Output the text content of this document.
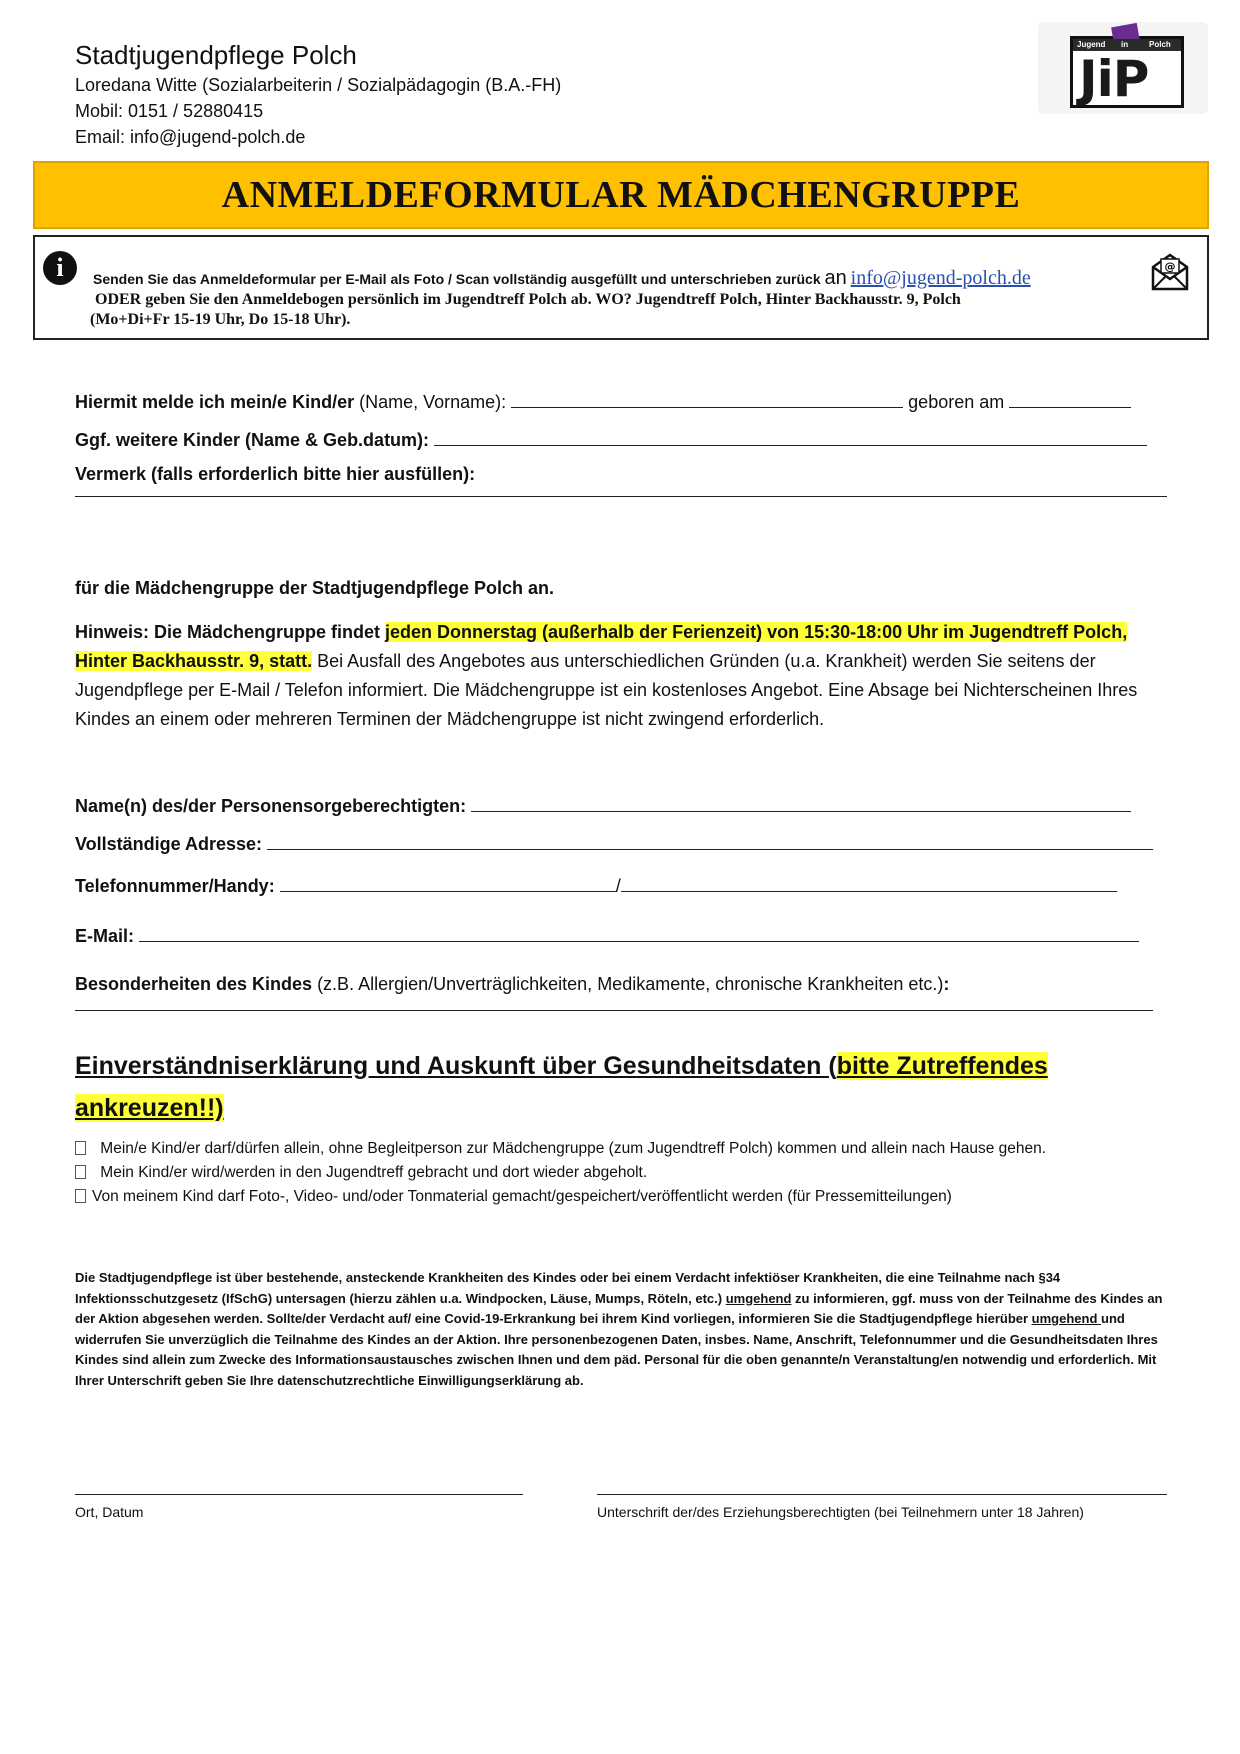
Stadtjugendpflege Polch
Loredana Witte (Sozialarbeiterin / Sozialpädagogin (B.A.-FH)
Mobil: 0151 / 52880415
Email: info@jugend-polch.de
Jugend in	Polch
JiP
ANMELDEFORMULAR MÄDCHENGRUPPE
i	Senden Sie das Anmeldeformular per E-Mail als Foto / Scan vollständig ausgefüllt und unterschrieben zurück an info@jugend-polch.de
ODER geben Sie den Anmeldebogen persönlich im Jugendtreff Polch ab. WO? Jugendtreff Polch, Hinter Backhausstr. 9, Polch
(Mo+Di+Fr 15-19 Uhr, Do 15-18 Uhr).
@
Hiermit melde ich mein/e Kind/er (Name, Vorname):	geboren am
Ggf. weitere Kinder (Name & Geb.datum):
Vermerk (falls erforderlich bitte hier ausfüllen):
für die Mädchengruppe der Stadtjugendpflege Polch an.
Hinweis: Die Mädchengruppe findet jeden Donnerstag (außerhalb der Ferienzeit) von 15:30-18:00 Uhr im Jugendtreff Polch, Hinter Backhausstr. 9, statt. Bei Ausfall des Angebotes aus unterschiedlichen Gründen (u.a. Krankheit) werden Sie seitens der Jugendpflege per E-Mail / Telefon informiert. Die Mädchengruppe ist ein kostenloses Angebot. Eine Absage bei Nichterscheinen Ihres Kindes an einem oder mehreren Terminen der Mädchengruppe ist nicht zwingend erforderlich.
Name(n) des/der Personensorgeberechtigten:
Vollständige Adresse:
Telefonnummer/Handy:	/
E-Mail:
Besonderheiten des Kindes (z.B. Allergien/Unverträglichkeiten, Medikamente, chronische Krankheiten etc.):
Einverständniserklärung und Auskunft über Gesundheitsdaten (bitte Zutreffendes
ankreuzen!!)
Mein/e Kind/er darf/dürfen allein, ohne Begleitperson zur Mädchengruppe (zum Jugendtreff Polch) kommen und allein nach Hause gehen.
Mein Kind/er wird/werden in den Jugendtreff gebracht und dort wieder abgeholt.
Von meinem Kind darf Foto-, Video- und/oder Tonmaterial gemacht/gespeichert/veröffentlicht werden (für Pressemitteilungen)
Die Stadtjugendpflege ist über bestehende, ansteckende Krankheiten des Kindes oder bei einem Verdacht infektiöser Krankheiten, die eine Teilnahme nach §34 Infektionsschutzgesetz (IfSchG) untersagen (hierzu zählen u.a. Windpocken, Läuse, Mumps, Röteln, etc.) umgehend zu informieren, ggf. muss von der Teilnahme des Kindes an der Aktion abgesehen werden. Sollte/der Verdacht auf/ eine Covid-19-Erkrankung bei ihrem Kind vorliegen, informieren Sie die Stadtjugendpflege hierüber umgehend und widerrufen Sie unverzüglich die Teilnahme des Kindes an der Aktion. Ihre personenbezogenen Daten, insbes. Name, Anschrift, Telefonnummer und die Gesundheitsdaten Ihres Kindes sind allein zum Zwecke des Informationsaustausches zwischen Ihnen und dem päd. Personal für die oben genannte/n Veranstaltung/en notwendig und erforderlich. Mit Ihrer Unterschrift geben Sie Ihre datenschutzrechtliche Einwilligungserklärung ab.
Ort, Datum	Unterschrift der/des Erziehungsberechtigten (bei Teilnehmern unter 18 Jahren)
